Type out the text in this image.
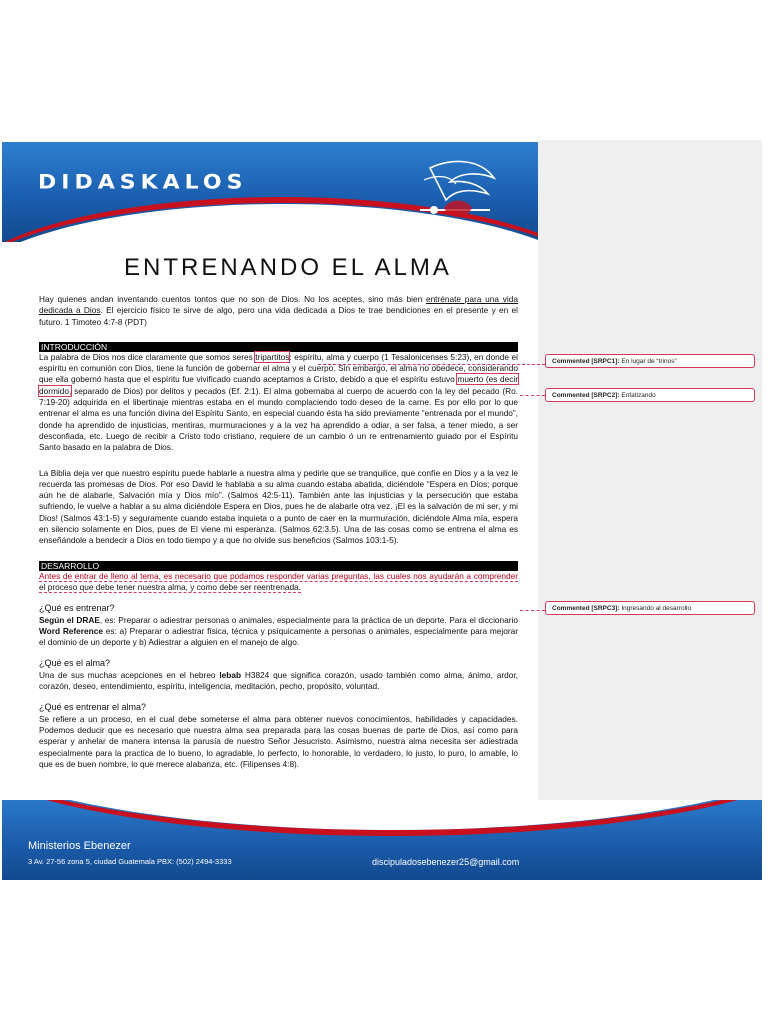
DIDASKALOS
ENTRENANDO EL ALMA

Hay quienes andan inventando cuentos tontos que no son de Dios. No los aceptes, sino más bien entrénate para una vida dedicada a Dios. El ejercicio físico te sirve de algo, pero una vida dedicada a Dios te trae bendiciones en el presente y en el futuro. 1 Timoteo 4:7-8 (PDT)

INTRODUCCIÓN

La palabra de Dios nos dice claramente que somos seres tripartitos: espíritu, alma y cuerpo (1 Tesalonicenses 5:23), en donde el espíritu en comunión con Dios, tiene la función de gobernar el alma y el cuerpo. Sin embargo, el alma no obedece, considerando que ella gobernó hasta que el espíritu fue vivificado cuando aceptamos a Cristo, debido a que el espíritu estuvo muerto (es decir dormido, separado de Dios) por delitos y pecados (Ef. 2:1). El alma gobernaba al cuerpo de acuerdo con la ley del pecado (Ro. 7:19-20) adquirida en el libertinaje mientras estaba en el mundo complaciendo todo deseo de la carne. Es por ello por lo que entrenar el alma es una función divina del Espíritu Santo, en especial cuando ésta ha sido previamente “entrenada por el mundo”, donde ha aprendido de injusticias, mentiras, murmuraciones y a la vez ha aprendido a odiar, a ser falsa, a tener miedo, a ser desconfiada, etc. Luego de recibir a Cristo todo cristiano, requiere de un cambio ó un re entrenamiento guiado por el Espíritu Santo basado en la palabra de Dios.

La Biblia deja ver que nuestro espíritu puede hablarle a nuestra alma y pedirle que se tranquilice, que confíe en Dios y a la vez le recuerda las promesas de Dios. Por eso David le hablaba a su alma cuando estaba abatida, diciéndole “Espera en Dios; porque aún he de alabarle, Salvación mía y Dios mío”. (Salmos 42:5-11). También ante las injusticias y la persecución que estaba sufriendo, le vuelve a hablar a su alma diciéndole Espera en Dios, pues he de alabarle otra vez. ¡El es la salvación de mi ser, y mi Dios! (Salmos 43:1-5) y seguramente cuando estaba inquieta o a punto de caer en la murmuración, diciéndole Alma mía, espera en silencio solamente en Dios, pues de El viene mi esperanza. (Salmos 62:3.5). Una de las cosas como se entrena el alma es enseñándole a bendecir a Dios en todo tiempo y a que no olvide sus beneficios (Salmos 103:1-5).

DESARROLLO

Antes de entrar de lleno al tema, es necesario que podamos responder varias preguntas, las cuales nos ayudarán a comprender el proceso que debe tener nuestra alma, y como debe ser reentrenada.

¿Qué es entrenar?

Según el DRAE, es: Preparar o adiestrar personas o animales, especialmente para la práctica de un deporte. Para el diccionario Word Reference es: a) Preparar o adiestrar física, técnica y psíquicamente a personas o animales, especialmente para mejorar el dominio de un deporte y b) Adiestrar a alguien en el manejo de algo.

¿Qué es el alma?

Una de sus muchas acepciones en el hebreo lebab H3824 que significa corazón, usado también como alma, ánimo, ardor, corazón, deseo, entendimiento, espíritu, inteligencia, meditación, pecho, propósito, voluntad.

¿Qué es entrenar el alma?

Se refiere a un proceso, en el cual debe someterse el alma para obtener nuevos conocimientos, habilidades y capacidades. Podemos deducir que es necesario que nuestra alma sea preparada para las cosas buenas de parte de Dios, así como para esperar y anhelar de manera intensa la parusía de nuestro Señor Jesucristo. Asimismo, nuestra alma necesita ser adiestrada especialmente para la practica de lo bueno, lo agradable, lo perfecto, lo honorable, lo verdadero, lo justo, lo puro, lo amable, lo que es de buen nombre, lo que merece alabanza, etc. (Filipenses 4:8).

Commented [SRPC1]: En lugar de “trinos”
Commented [SRPC2]: Enfatizando
Commented [SRPC3]: Ingresando al desarrollo
Ministerios Ebenezer
3 Av. 27-56 zona 5, ciudad Guatemala PBX: (502) 2494-3333	discipuladosebenezer25@gmail.com
